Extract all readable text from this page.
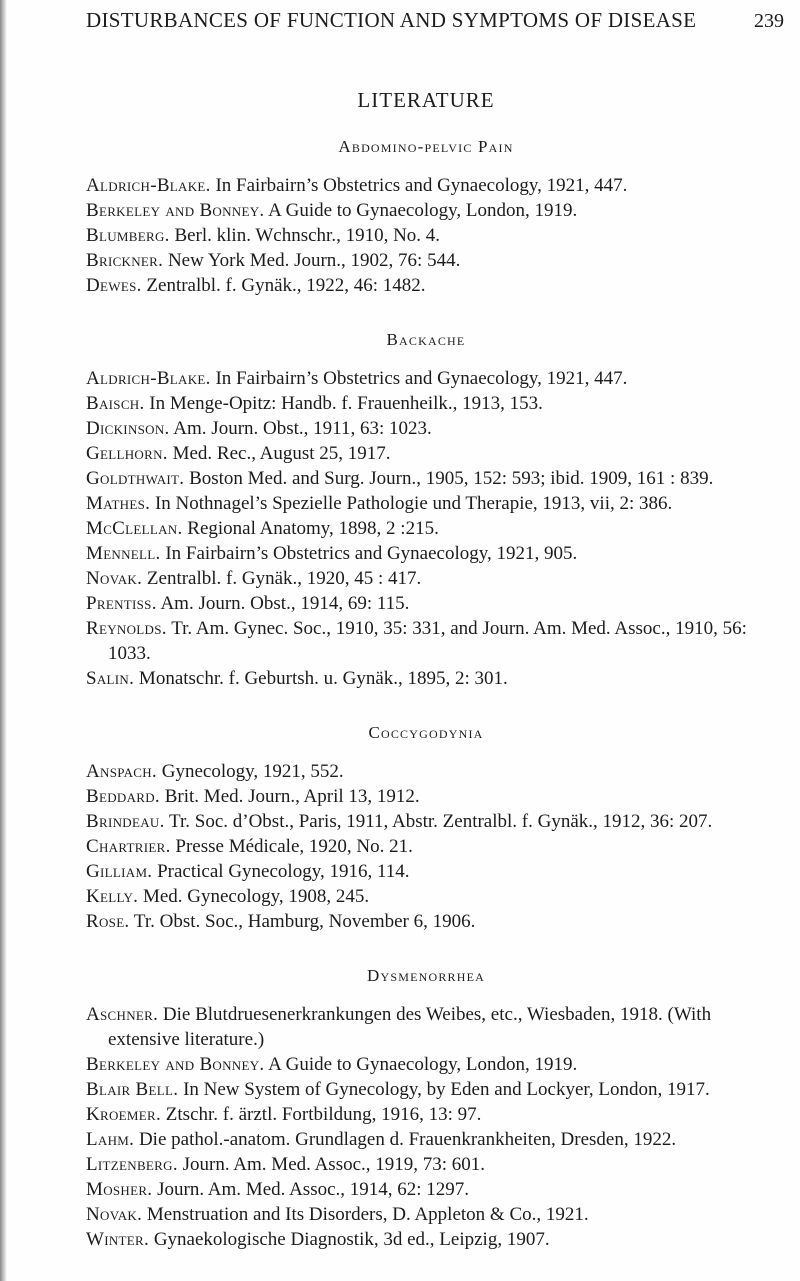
DISTURBANCES OF FUNCTION AND SYMPTOMS OF DISEASE	239
LITERATURE
Abdomino-pelvic Pain

Aldrich-Blake. In Fairbairn’s Obstetrics and Gynaecology, 1921, 447.

Berkeley and Bonney. A Guide to Gynaecology, London, 1919.

Blumberg. Berl. klin. Wchnschr., 1910, No. 4.

Brickner. New York Med. Journ., 1902, 76: 544.

Dewes. Zentralbl. f. Gynäk., 1922, 46: 1482.

Backache

Aldrich-Blake. In Fairbairn’s Obstetrics and Gynaecology, 1921, 447.

Baisch. In Menge-Opitz: Handb. f. Frauenheilk., 1913, 153.

Dickinson. Am. Journ. Obst., 1911, 63: 1023.

Gellhorn. Med. Rec., August 25, 1917.

Goldthwait. Boston Med. and Surg. Journ., 1905, 152: 593; ibid. 1909, 161 : 839.

Mathes. In Nothnagel’s Spezielle Pathologie und Therapie, 1913, vii, 2: 386.

McClellan. Regional Anatomy, 1898, 2 :215.

Mennell. In Fairbairn’s Obstetrics and Gynaecology, 1921, 905.

Novak. Zentralbl. f. Gynäk., 1920, 45 : 417.

Prentiss. Am. Journ. Obst., 1914, 69: 115.

Reynolds. Tr. Am. Gynec. Soc., 1910, 35: 331, and Journ. Am. Med. Assoc., 1910, 56: 1033.

Salin. Monatschr. f. Geburtsh. u. Gynäk., 1895, 2: 301.

Coccygodynia

Anspach. Gynecology, 1921, 552.

Beddard. Brit. Med. Journ., April 13, 1912.

Brindeau. Tr. Soc. d’Obst., Paris, 1911, Abstr. Zentralbl. f. Gynäk., 1912, 36: 207.

Chartrier. Presse Médicale, 1920, No. 21.

Gilliam. Practical Gynecology, 1916, 114.

Kelly. Med. Gynecology, 1908, 245.

Rose. Tr. Obst. Soc., Hamburg, November 6, 1906.

Dysmenorrhea

Aschner. Die Blutdruesenerkrankungen des Weibes, etc., Wiesbaden, 1918. (With extensive literature.)

Berkeley and Bonney. A Guide to Gynaecology, London, 1919.

Blair Bell. In New System of Gynecology, by Eden and Lockyer, London, 1917.

Kroemer. Ztschr. f. ärztl. Fortbildung, 1916, 13: 97.

Lahm. Die pathol.-anatom. Grundlagen d. Frauenkrankheiten, Dresden, 1922.

Litzenberg. Journ. Am. Med. Assoc., 1919, 73: 601.

Mosher. Journ. Am. Med. Assoc., 1914, 62: 1297.

Novak. Menstruation and Its Disorders, D. Appleton & Co., 1921.

Winter. Gynaekologische Diagnostik, 3d ed., Leipzig, 1907.
